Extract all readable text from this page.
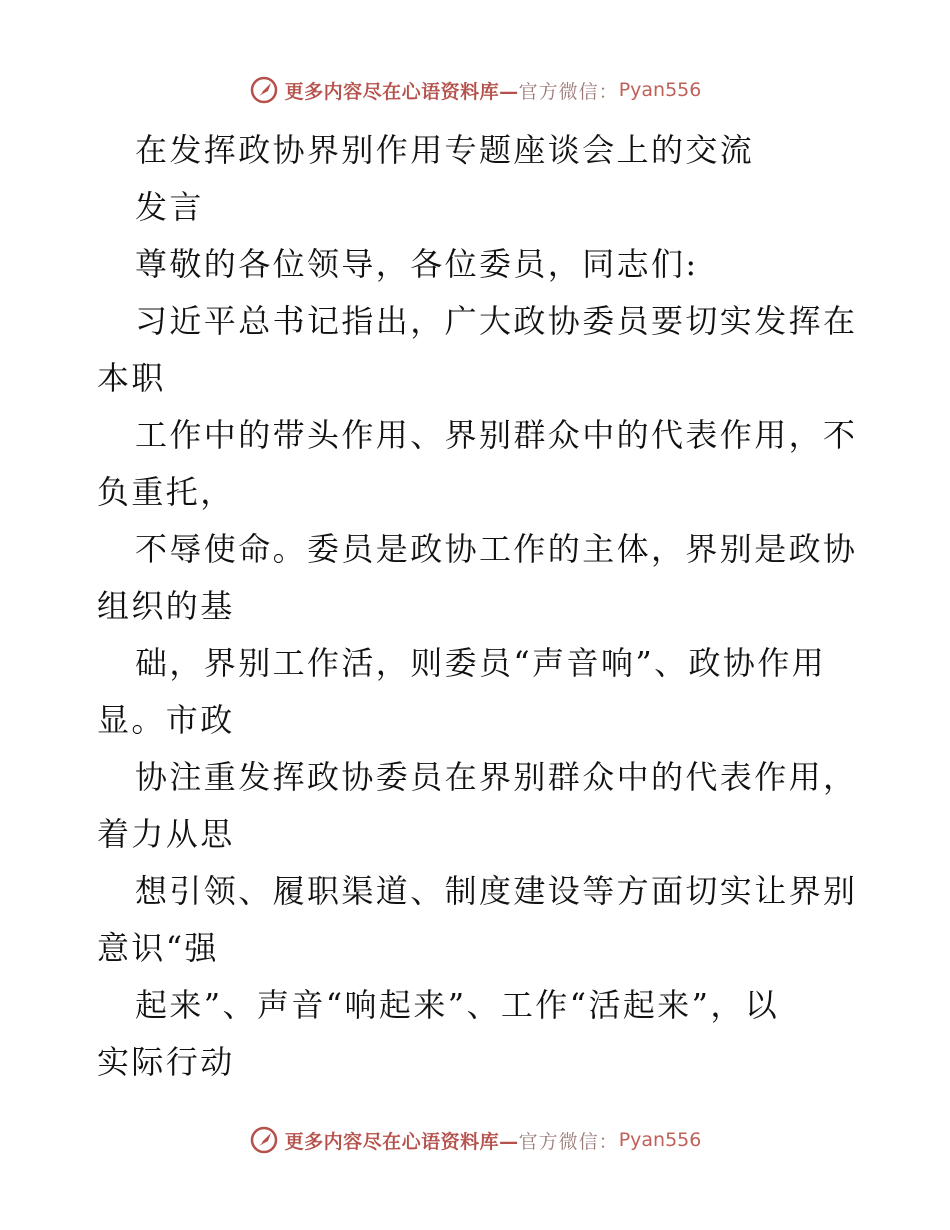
更多内容尽在心语资料库— 官方微信： Pyan556
在发挥政协界别作用专题座谈会上的交流
发言
尊敬的各位领导，各位委员，同志们:
习近平总书记指出，广大政协委员要切实发挥在
本职
工作中的带头作用、界别群众中的代表作用，不
负重托，
不辱使命。委员是政协工作的主体，界别是政协
组织的基
础，界别工作活，则委员“声音响”、政协作用
显。市政
协注重发挥政协委员在界别群众中的代表作用，
着力从思
想引领、履职渠道、制度建设等方面切实让界别
意识“强
起来”、声音“响起来”、工作“活起来”，以
实际行动
更多内容尽在心语资料库— 官方微信： Pyan556
